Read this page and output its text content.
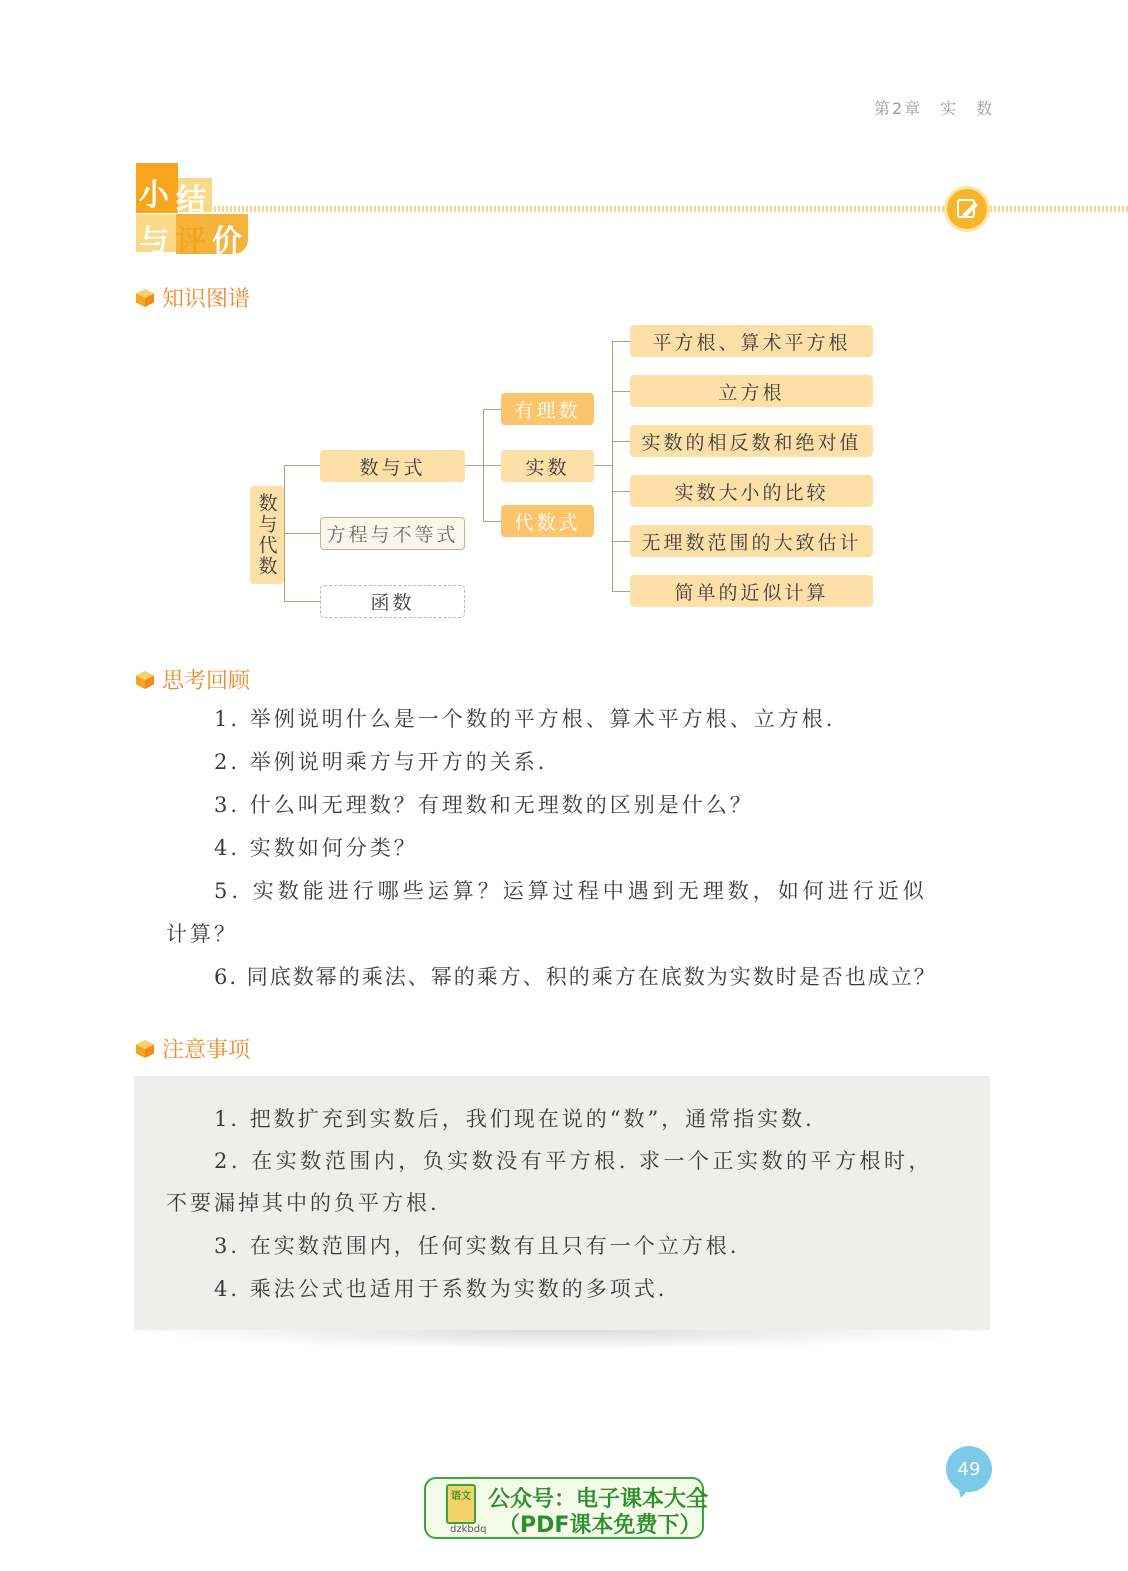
第2章　实　数
小 结
与 评 价
知识图谱
数与代数
数与式
方程与不等式
函数
有理数
实数
代数式
平方根、算术平方根
立方根
实数的相反数和绝对值
实数大小的比较
无理数范围的大致估计
简单的近似计算
思考回顾
1. 举例说明什么是一个数的平方根、算术平方根、立方根.
2. 举例说明乘方与开方的关系.
3. 什么叫无理数？有理数和无理数的区别是什么？
4. 实数如何分类？
5. 实数能进行哪些运算？运算过程中遇到无理数，如何进行近似
计算？
6. 同底数幂的乘法、幂的乘方、积的乘方在底数为实数时是否也成立？
注意事项
1. 把数扩充到实数后，我们现在说的“数”，通常指实数.
2. 在实数范围内，负实数没有平方根. 求一个正实数的平方根时，
不要漏掉其中的负平方根.
3. 在实数范围内，任何实数有且只有一个立方根.
4. 乘法公式也适用于系数为实数的多项式.
49
语文
dzkbdq
公众号：电子课本大全
（PDF课本免费下）
